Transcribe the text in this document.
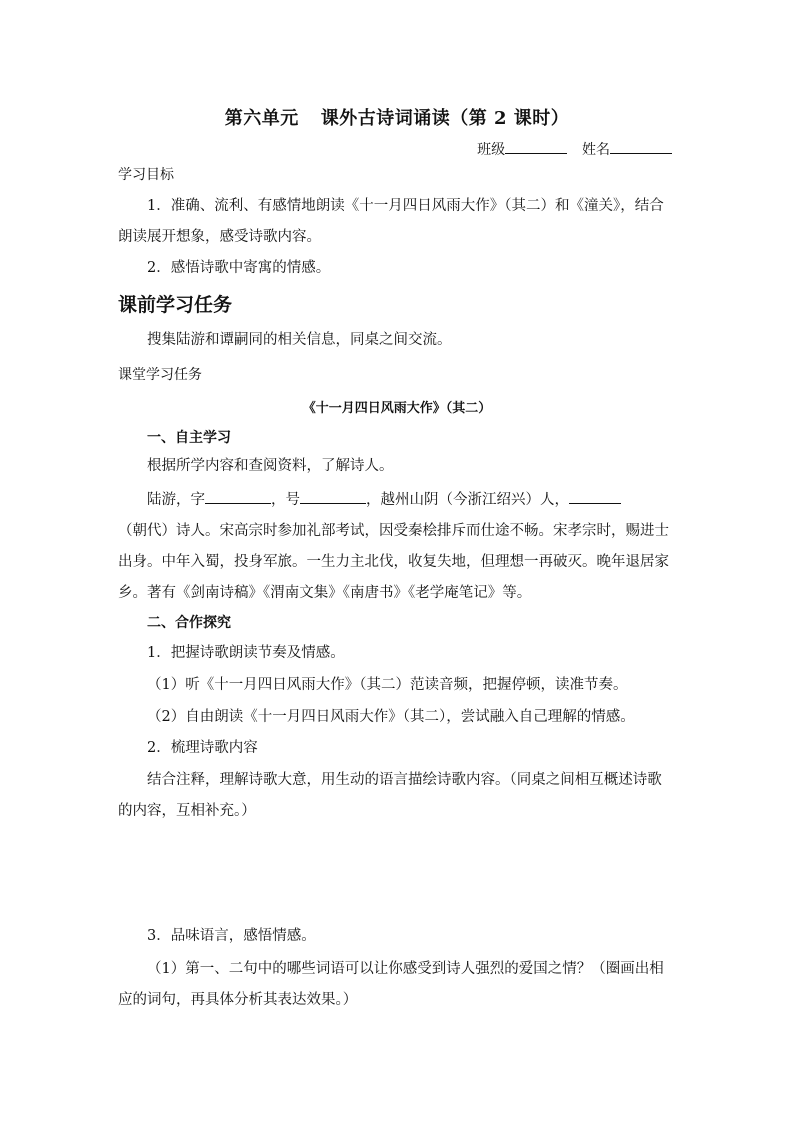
第六单元 课外古诗词诵读（第 2 课时）
班级	姓名
学习目标
1．准确、流利、有感情地朗读《十一月四日风雨大作》（其二）和《潼关》，结合朗读展开想象，感受诗歌内容。
2．感悟诗歌中寄寓的情感。
课前学习任务
搜集陆游和谭嗣同的相关信息，同桌之间交流。
课堂学习任务
《十一月四日风雨大作》（其二）
一、自主学习
根据所学内容和查阅资料，了解诗人。
陆游，字	，号	，越州山阴（今浙江绍兴）人，（朝代）诗人。宋高宗时参加礼部考试，因受秦桧排斥而仕途不畅。宋孝宗时，赐进士出身。中年入蜀，投身军旅。一生力主北伐，收复失地，但理想一再破灭。晚年退居家乡。著有《剑南诗稿》《渭南文集》《南唐书》《老学庵笔记》等。
二、合作探究
1．把握诗歌朗读节奏及情感。
（1）听《十一月四日风雨大作》（其二）范读音频，把握停顿，读准节奏。
（2）自由朗读《十一月四日风雨大作》（其二），尝试融入自己理解的情感。
2．梳理诗歌内容
结合注释，理解诗歌大意，用生动的语言描绘诗歌内容。（同桌之间相互概述诗歌的内容，互相补充。）
3．品味语言，感悟情感。
（1）第一、二句中的哪些词语可以让你感受到诗人强烈的爱国之情？（圈画出相应的词句，再具体分析其表达效果。）
